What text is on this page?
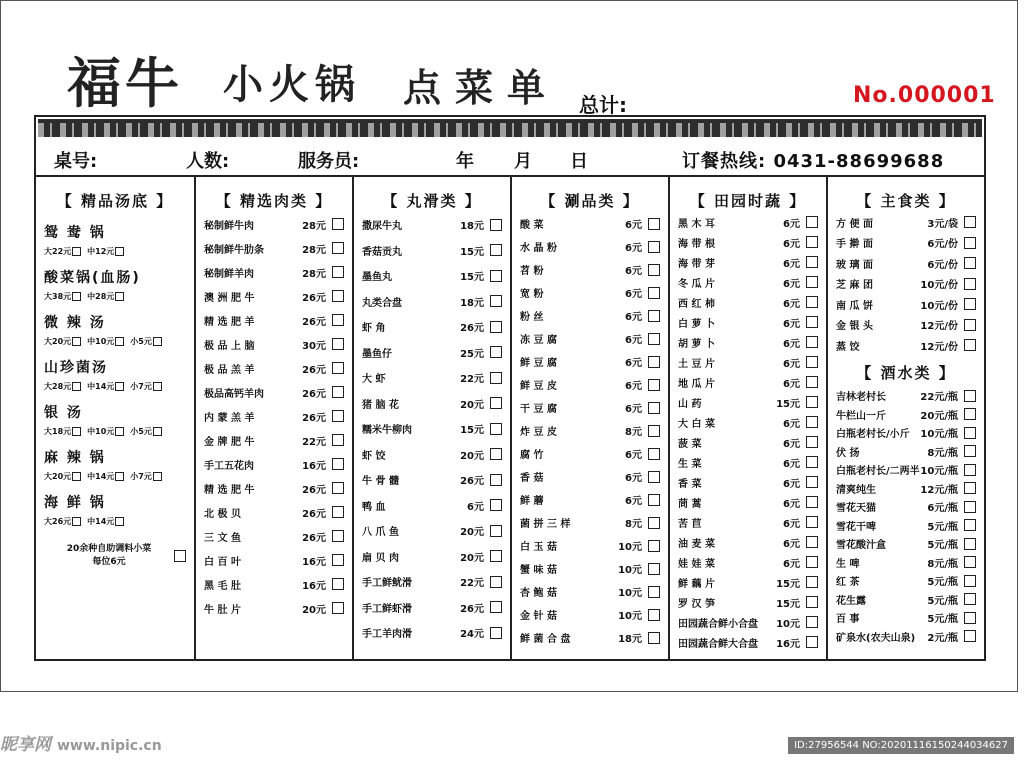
福牛 小火锅 点菜单 总计:	No.000001
桌号:	人数:	服务员:	年 月 日	订餐热线: 0431-88699688
【 精品汤底 】
鸳 鸯 锅
大22元 中12元
酸菜锅(血肠)
大38元 中28元
微 辣 汤
大20元 中10元 小5元
山珍菌汤
大28元 中14元 小7元
银 汤
大18元 中10元 小5元
麻 辣 锅
大20元 中14元 小7元
海 鲜 锅
大26元 中14元
20余种自助调料小菜
每位6元
【 精选肉类 】
秘制鲜牛肉	28元
秘制鲜牛肋条	28元
秘制鲜羊肉	28元
澳 洲 肥 牛	26元
精 选 肥 羊	26元
极 品 上 脑	30元
极 品 羔 羊	26元
极品高钙羊肉	26元
内 蒙 羔 羊	26元
金 牌 肥 牛	22元
手工五花肉	16元
精 选 肥 牛	26元
北 极 贝	26元
三 文 鱼	26元
白 百 叶	16元
黑 毛 肚	16元
牛 肚 片	20元
【 丸滑类 】
撒尿牛丸	18元
香菇贡丸	15元
墨鱼丸	15元
丸类合盘	18元
虾 角	26元
墨鱼仔	25元
大 虾	22元
猪 脑 花	20元
糯米牛柳肉	15元
虾 饺	20元
牛 骨 髓	26元
鸭 血	6元
八 爪 鱼	20元
扇 贝 肉	20元
手工鲜鱿滑	22元
手工鲜虾滑	26元
手工羊肉滑	24元
【 涮品类 】
酸 菜	6元
水 晶 粉	6元
苕 粉	6元
宽 粉	6元
粉 丝	6元
冻 豆 腐	6元
鲜 豆 腐	6元
鲜 豆 皮	6元
干 豆 腐	6元
炸 豆 皮	8元
腐 竹	6元
香 菇	6元
鲜 蘑	6元
菌 拼 三 样	8元
白 玉 菇	10元
蟹 味 菇	10元
杏 鲍 菇	10元
金 针 菇	10元
鲜 菌 合 盘	18元
【 田园时蔬 】
黑 木 耳	6元
海 带 根	6元
海 带 芽	6元
冬 瓜 片	6元
西 红 柿	6元
白 萝 卜	6元
胡 萝 卜	6元
土 豆 片	6元
地 瓜 片	6元
山 药	15元
大 白 菜	6元
菠 菜	6元
生 菜	6元
香 菜	6元
茼 蒿	6元
苦 苣	6元
油 麦 菜	6元
娃 娃 菜	6元
鲜 藕 片	15元
罗 汉 笋	15元
田园蔬合鲜小合盘	10元
田园蔬合鲜大合盘	16元
【 主食类 】
方 便 面	3元/袋
手 擀 面	6元/份
玻 璃 面	6元/份
芝 麻 团	10元/份
南 瓜 饼	10元/份
金 银 头	12元/份
蒸 饺	12元/份
【 酒水类 】
吉林老村长	22元/瓶
牛栏山一斤	20元/瓶
白瓶老村长/小斤	10元/瓶
伏 扬	8元/瓶
白瓶老村长/二两半 10元/瓶
清爽纯生	12元/瓶
雪花天猫	6元/瓶
雪花干啤	5元/瓶
雪花酸汁盒	5元/瓶
生 啤	8元/瓶
红 茶	5元/瓶
花生露	5元/瓶
百 事	5元/瓶
矿泉水(农夫山泉)	2元/瓶
昵享网 www.nipic.cn	ID:27956544 NO:20201116150244034627
